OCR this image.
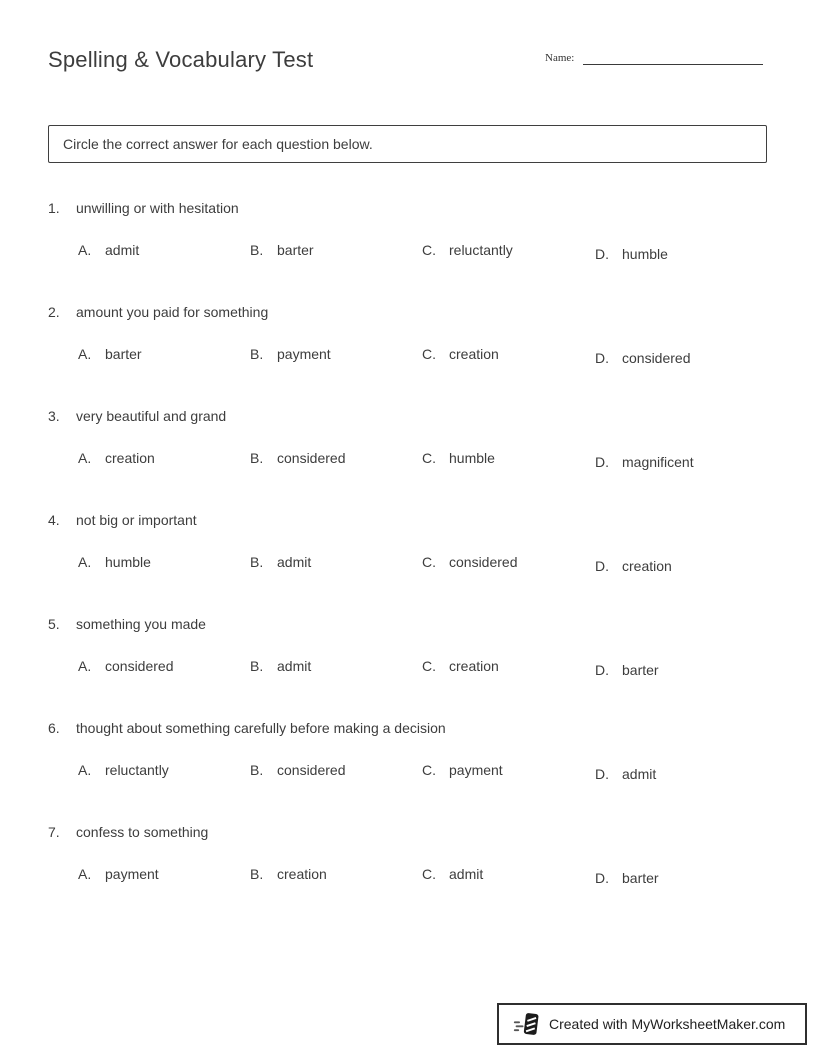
Spelling & Vocabulary Test	Name:
Circle the correct answer for each question below.
1.	unwilling or with hesitation
A. admit	B. barter	C. reluctantly	D. humble
2.	amount you paid for something
A. barter	B. payment	C. creation	D. considered
3.	very beautiful and grand
A. creation	B. considered	C. humble	D. magnificent
4.	not big or important
A. humble	B. admit	C. considered	D. creation
5.	something you made
A. considered	B. admit	C. creation	D. barter
6.	thought about something carefully before making a decision
A. reluctantly	B. considered	C. payment	D. admit
7.	confess to something
A. payment	B. creation	C. admit	D. barter
Created with MyWorksheetMaker.com
